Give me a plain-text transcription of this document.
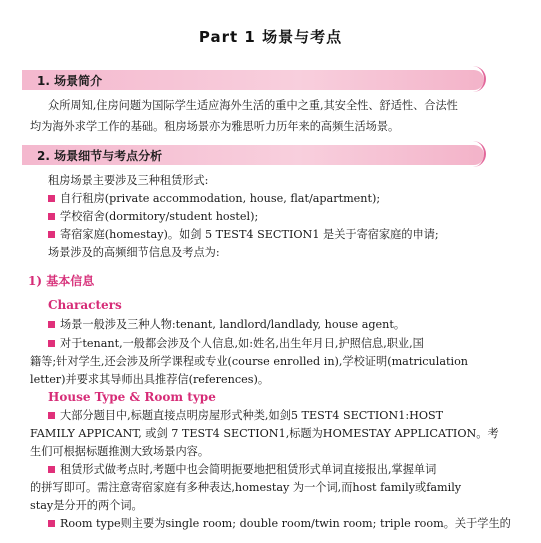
Part 1 场景与考点
1. 场景简介
众所周知,住房问题为国际学生适应海外生活的重中之重,其安全性、舒适性、合法性
均为海外求学工作的基础。租房场景亦为雅思听力历年来的高频生活场景。
2. 场景细节与考点分析
租房场景主要涉及三种租赁形式:
自行租房(private accommodation, house, flat/apartment);
学校宿舍(dormitory/student hostel);
寄宿家庭(homestay)。如剑 5 TEST4 SECTION1 是关于寄宿家庭的申请;
场景涉及的高频细节信息及考点为:
1) 基本信息
Characters
场景一般涉及三种人物:tenant, landlord/landlady, house agent。
对于tenant,一般都会涉及个人信息,如:姓名,出生年月日,护照信息,职业,国
籍等;针对学生,还会涉及所学课程或专业(course enrolled in),学校证明(matriculation
letter)并要求其导师出具推荐信(references)。
House Type & Room type
大部分题目中,标题直接点明房屋形式种类,如剑5 TEST4 SECTION1:HOST
FAMILY APPICANT, 或剑 7 TEST4 SECTION1,标题为HOMESTAY APPLICATION。考
生们可根据标题推测大致场景内容。
租赁形式做考点时,考题中也会简明扼要地把租赁形式单词直接报出,掌握单词
的拼写即可。需注意寄宿家庭有多种表达,homestay 为一个词,而host family或family
stay是分开的两个词。
Room type则主要为single room; double room/twin room; triple room。关于学生的
